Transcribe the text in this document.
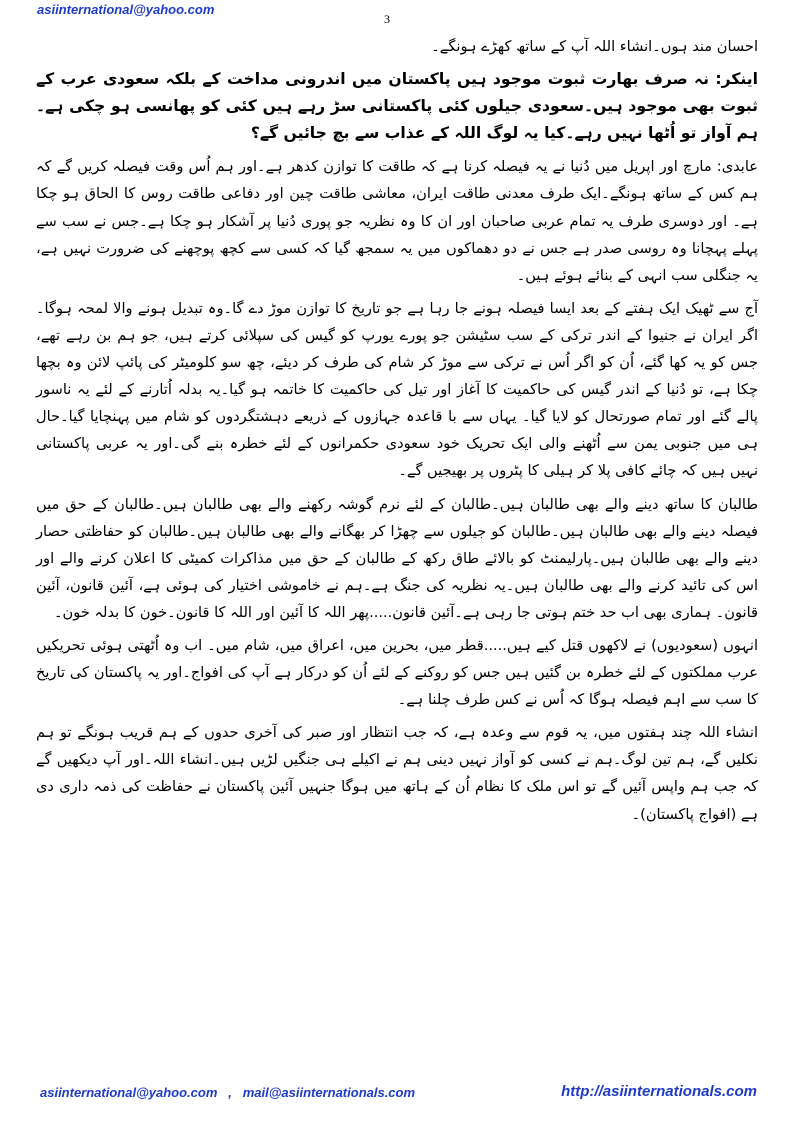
asiinternational@yahoo.com
3

احسان مند ہوں۔انشاء اللہ آپ کے ساتھ کھڑے ہونگے۔

اینکر: نہ صرف بھارت ثبوت موجود ہیں پاکستان میں اندرونی مداخت کے بلکہ سعودی عرب کے ثبوت بھی موجود ہیں۔سعودی جیلوں کئی پاکستانی سڑ رہے ہیں کئی کو پھانسی ہو چکی ہے۔ہم آواز تو اُٹھا نہیں رہے۔کیا یہ لوگ اللہ کے عذاب سے بچ جائیں گے؟

عابدی: مارچ اور اپریل میں دُنیا نے یہ فیصلہ کرنا ہے کہ طاقت کا توازن کدھر ہے۔اور ہم اُس وقت فیصلہ کریں گے کہ ہم کس کے ساتھ ہونگے۔ایک طرف معدنی طاقت ایران، معاشی طاقت چین اور دفاعی طاقت روس کا الحاق ہو چکا ہے۔ اور دوسری طرف یہ تمام عربی صاحبان اور ان کا وہ نظریہ جو پوری دُنیا پر آشکار ہو چکا ہے۔جس نے سب سے پہلے پہچانا وہ روسی صدر ہے جس نے دو دھماکوں میں یہ سمجھ گیا کہ کسی سے کچھ پوچھنے کی ضرورت نہیں ہے، یہ جنگلی سب انہی کے بنائے ہوئے ہیں۔

آج سے ٹھیک ایک ہفتے کے بعد ایسا فیصلہ ہونے جا رہا ہے جو تاریخ کا توازن موڑ دے گا۔وہ تبدیل ہونے والا لمحہ ہوگا۔ اگر ایران نے جنیوا کے اندر ترکی کے سب سٹیشن جو پورے یورپ کو گیس کی سپلائی کرتے ہیں، جو ہم بن رہے تھے، جس کو یہ کھا گئے، اُن کو اگر اُس نے ترکی سے موڑ کر شام کی طرف کر دیئے، چھ سو کلومیٹر کی پائپ لائن وہ بچھا چکا ہے، تو دُنیا کے اندر گیس کی حاکمیت کا آغاز اور تیل کی حاکمیت کا خاتمہ ہو گیا۔یہ بدلہ اُتارنے کے لئے یہ ناسور پالے گئے اور تمام صورتحال کو لایا گیا۔ یہاں سے با قاعدہ جہازوں کے ذریعے دہشتگردوں کو شام میں پہنچایا گیا۔حال ہی میں جنوبی یمن سے اُٹھنے والی ایک تحریک خود سعودی حکمرانوں کے لئے خطرہ بنے گی۔اور یہ عربی پاکستانی نہیں ہیں کہ چائے کافی پلا کر ہیلی کا پٹروں پر بھیجیں گے۔

طالبان کا ساتھ دینے والے بھی طالبان ہیں۔طالبان کے لئے نرم گوشہ رکھنے والے بھی طالبان ہیں۔طالبان کے حق میں فیصلہ دینے والے بھی طالبان ہیں۔طالبان کو جیلوں سے چھڑا کر بھگانے والے بھی طالبان ہیں۔طالبان کو حفاظتی حصار دینے والے بھی طالبان ہیں۔پارلیمنٹ کو بالائے طاق رکھ کے طالبان کے حق میں مذاکرات کمیٹی کا اعلان کرنے والے اور اس کی تائید کرنے والے بھی طالبان ہیں۔یہ نظریہ کی جنگ ہے۔ہم نے خاموشی اختیار کی ہوئی ہے، آئین قانون، آئین قانون۔ ہماری بھی اب حد ختم ہوتی جا رہی ہے۔آئین قانون.....پھر اللہ کا آئین اور اللہ کا قانون۔خون کا بدلہ خون۔

انہوں (سعودیوں) نے لاکھوں قتل کیے ہیں.....قطر میں، بحرین میں، اعراق میں، شام میں۔ اب وہ اُٹھتی ہوئی تحریکیں عرب مملکتوں کے لئے خطرہ بن گئیں ہیں جس کو روکنے کے لئے اُن کو درکار ہے آپ کی افواج۔اور یہ پاکستان کی تاریخ کا سب سے اہم فیصلہ ہوگا کہ اُس نے کس طرف چلنا ہے۔

انشاء اللہ چند ہفتوں میں، یہ قوم سے وعدہ ہے، کہ جب انتظار اور صبر کی آخری حدوں کے ہم قریب ہونگے تو ہم نکلیں گے، ہم تین لوگ۔ہم نے کسی کو آواز نہیں دینی ہم نے اکیلے ہی جنگیں لڑیں ہیں۔انشاء اللہ۔اور آپ دیکھیں گے کہ جب ہم واپس آئیں گے تو اس ملک کا نظام اُن کے ہاتھ میں ہوگا جنہیں آئین پاکستان نے حفاظت کی ذمہ داری دی ہے (افواج پاکستان)۔

asiinternational@yahoo.com , mail@asiinternationals.com	http://asiinternationals.com
